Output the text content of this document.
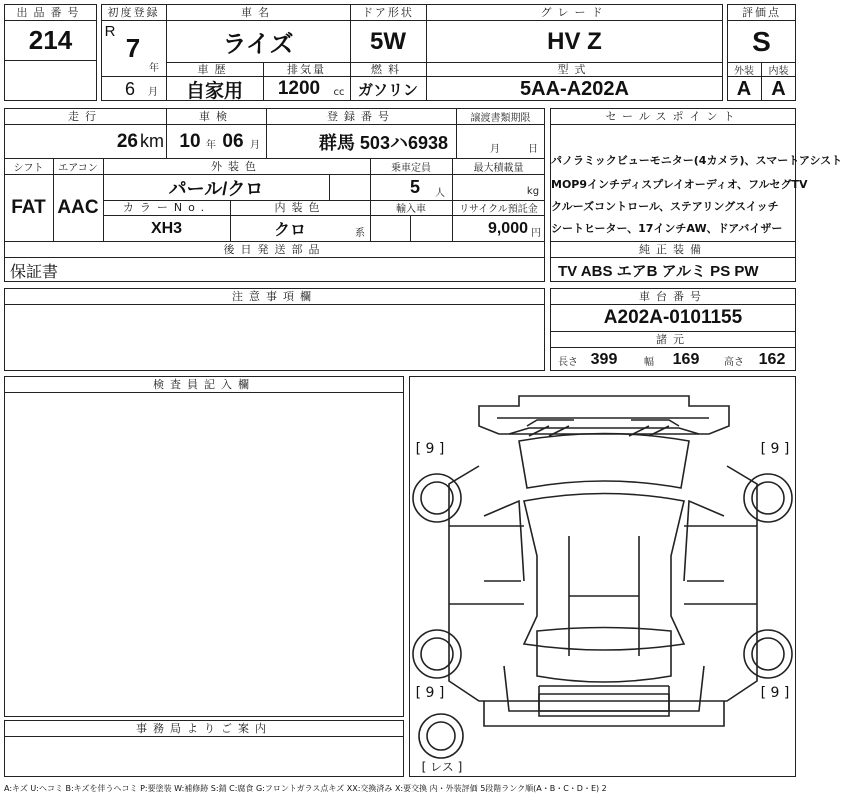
出品番号
214
初度登録
R
7
年
6	月
車名
ライズ
ドア形状
5W
グレード
HV Z
車歴
自家用
排気量
1200	cc
燃料
ガソリン
型式
5AA-A202A
評価点
S
外装	内装
A	A
走行
26 km
車検
10 年 06 月
登録番号
群馬 503ハ6938
譲渡書類期限
月	日
シフト
FAT
エアコン
AAC
外装色
パール/クロ
乗車定員
5	人
最大積載量
kg
カラーNo.
XH3
内装色
クロ	系
輸入車	リサイクル預託金
9,000 円
後日発送部品
保証書
セールスポイント
パノラミックビューモニター(4カメラ)、スマートアシスト
MOP9インチディスプレイオーディオ、フルセグTV
クルーズコントロール、ステアリングスイッチ
シートヒーター、17インチAW、ドアバイザー
純正装備
TV ABS エアB アルミ PS PW
注意事項欄	車台番号
A202A-0101155
諸元
長さ 399	幅	169	高さ 162
検査員記入欄
事務局よりご案内
[ 9 ]	[ 9 ]
[ 9 ]	[ 9 ]
[ レス ]
A:キズ U:ヘコミ B:キズを伴うヘコミ P:要塗装 W:補修跡 S:錆 C:腐食 G:フロントガラス点キズ XX:交換済み X:要交換 内・外装評価 5段階ランク順(A・B・C・D・E) 2
